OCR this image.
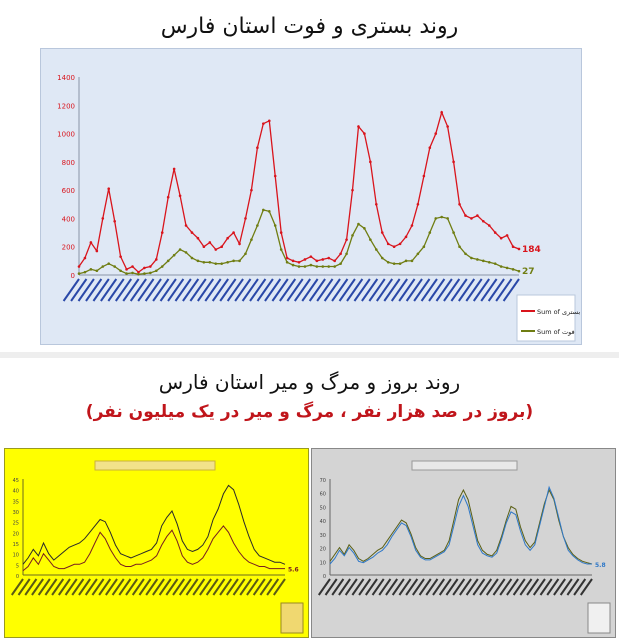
روند بستری و فوت استان فارس
0
200
400
600
800
1000
1200
1400
184
27
Sum of بستری
Sum of فوت
روند بروز و مرگ و میر استان فارس
(بروز در صد هزار نفر ، مرگ و میر در یک میلیون نفر)
0
5
10
15
20
25
30
35
40
45
5.6
0
10
20
30
40
50
60
70
5.8
